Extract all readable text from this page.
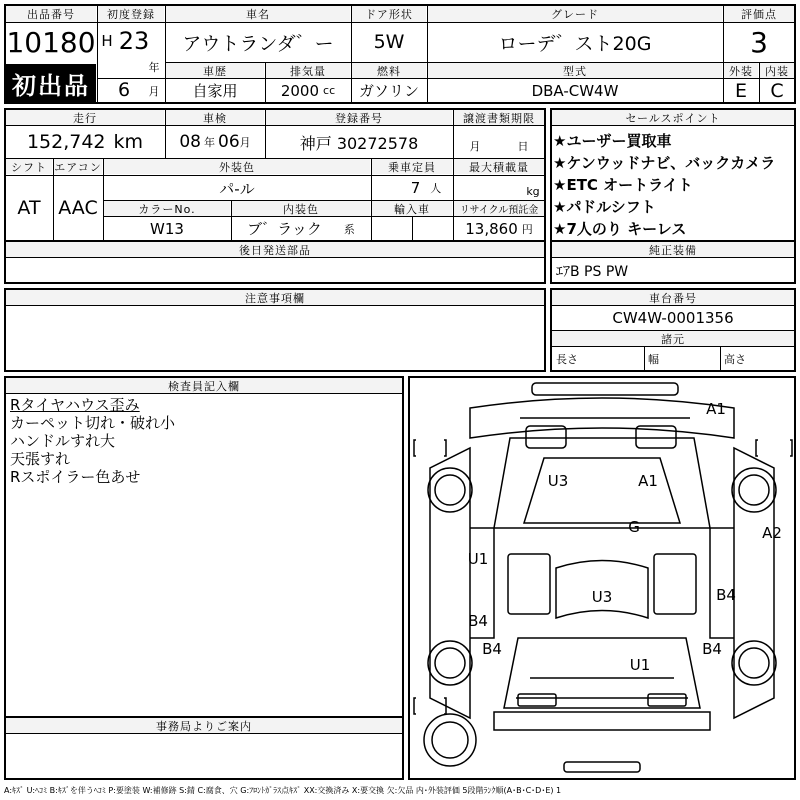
出品番号
10180
初出品
初度登録
H 23
年
6	月
車名
アウトランダ゛ー
ドア形状
5W
グレード
ローデ゛スト20G
評価点
3
車歴
自家用
排気量
2000 cc
燃料
ガソリン
型式
DBA-CW4W
外装
E
内装
C
走行
152,742 km
車検
08 年 06 月
登録番号
神戸 30272578
譲渡書類期限
月	日
シフト
AT
エアコン
AAC
外装色
パ-ル
乗車定員
7 人
最大積載量
kg
カラーNo.
W13
内装色
ブ゛ラック 系
輸入車	リサイクル預託金
13,860 円
後日発送部品
セールスポイント
★ユーザー買取車
★ケンウッドナビ、バックカメラ
★ETC オートライト
★パドルシフト
★7人のり キーレス
純正装備
ｴｱB PS PW
注意事項欄	車台番号
CW4W-0001356
諸元
長さ	幅	高さ
検査員記入欄
Rタイヤハウス歪み
カーペット切れ・破れ小
ハンドルすれ大
天張すれ
Rスポイラー色あせ
事務局よりご案内
A1
A2
U3	A1
G
U1
U3
B4
B4
B4	B4
U1
A:ｷｽﾞ U:ﾍｺﾐ B:ｷｽﾞを伴うﾍｺﾐ P:要塗装 W:補修跡 S:錆 C:腐食、穴 G:ﾌﾛﾝﾄｶﾞﾗｽ点ｷｽﾞ XX:交換済み X:要交換 欠:欠品 内･外装評価 5段階ﾗﾝｸ順(A･B･C･D･E) 1
